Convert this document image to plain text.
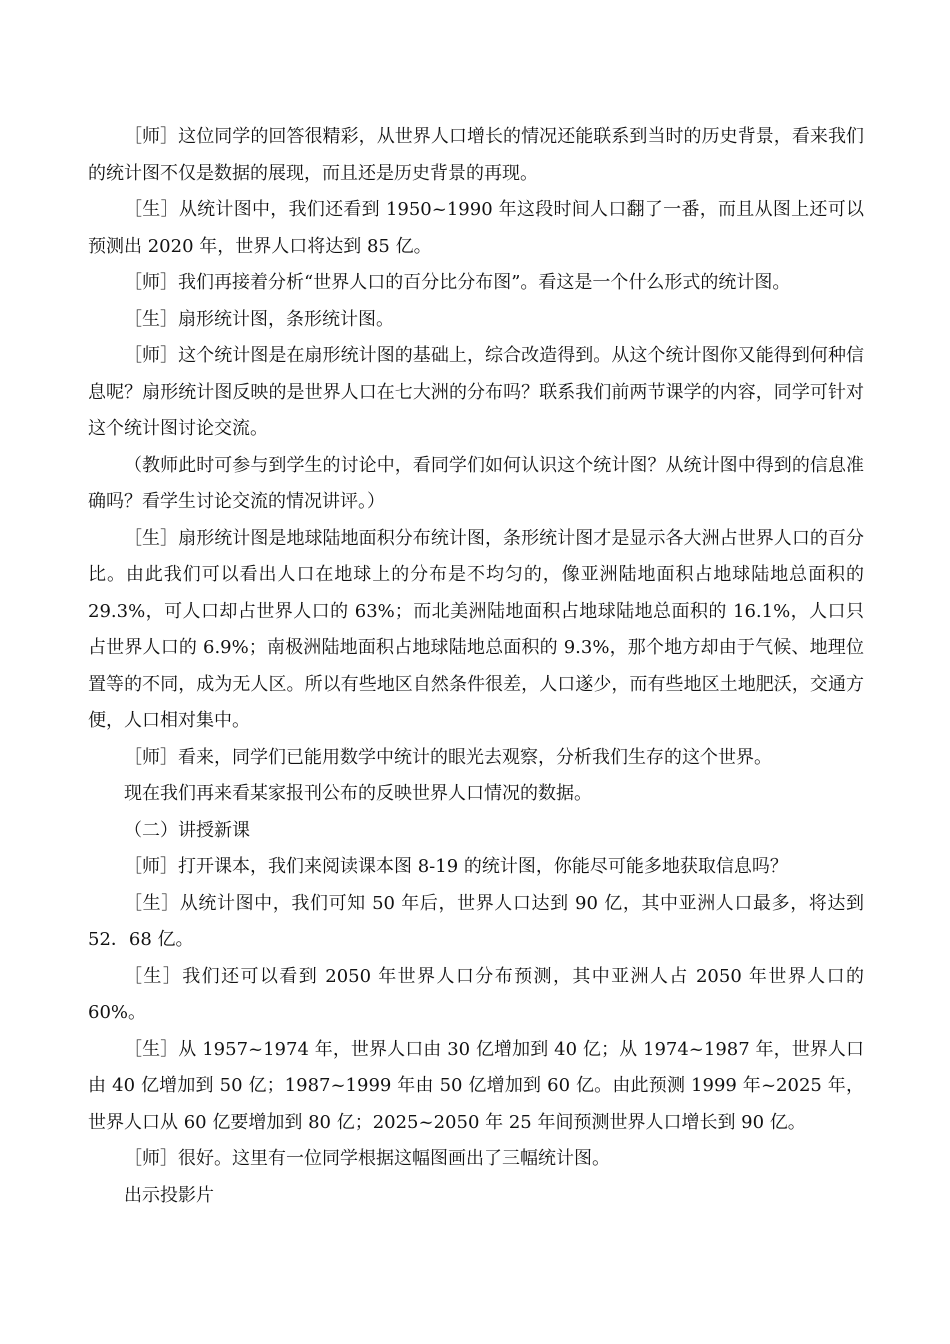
［师］这位同学的回答很精彩，从世界人口增长的情况还能联系到当时的历史背景，看来我们的统计图不仅是数据的展现，而且还是历史背景的再现。

［生］从统计图中，我们还看到 1950~1990 年这段时间人口翻了一番，而且从图上还可以预测出 2020 年，世界人口将达到 85 亿。

［师］我们再接着分析“世界人口的百分比分布图”。看这是一个什么形式的统计图。

［生］扇形统计图，条形统计图。

［师］这个统计图是在扇形统计图的基础上，综合改造得到。从这个统计图你又能得到何种信息呢？扇形统计图反映的是世界人口在七大洲的分布吗？联系我们前两节课学的内容，同学可针对这个统计图讨论交流。

（教师此时可参与到学生的讨论中，看同学们如何认识这个统计图？从统计图中得到的信息准确吗？看学生讨论交流的情况讲评。）

［生］扇形统计图是地球陆地面积分布统计图，条形统计图才是显示各大洲占世界人口的百分比。由此我们可以看出人口在地球上的分布是不均匀的，像亚洲陆地面积占地球陆地总面积的 29.3%，可人口却占世界人口的 63%；而北美洲陆地面积占地球陆地总面积的 16.1%，人口只占世界人口的 6.9%；南极洲陆地面积占地球陆地总面积的 9.3%，那个地方却由于气候、地理位置等的不同，成为无人区。所以有些地区自然条件很差，人口遂少，而有些地区土地肥沃，交通方便，人口相对集中。

［师］看来，同学们已能用数学中统计的眼光去观察，分析我们生存的这个世界。

现在我们再来看某家报刊公布的反映世界人口情况的数据。

（二）讲授新课

［师］打开课本，我们来阅读课本图 8-19 的统计图，你能尽可能多地获取信息吗？

［生］从统计图中，我们可知 50 年后，世界人口达到 90 亿，其中亚洲人口最多，将达到 52．68 亿。

［生］我们还可以看到 2050 年世界人口分布预测，其中亚洲人占 2050 年世界人口的 60%。

［生］从 1957~1974 年，世界人口由 30 亿增加到 40 亿；从 1974~1987 年，世界人口由 40 亿增加到 50 亿；1987~1999 年由 50 亿增加到 60 亿。由此预测 1999 年~2025 年，世界人口从 60 亿要增加到 80 亿；2025~2050 年 25 年间预测世界人口增长到 90 亿。

［师］很好。这里有一位同学根据这幅图画出了三幅统计图。

出示投影片
